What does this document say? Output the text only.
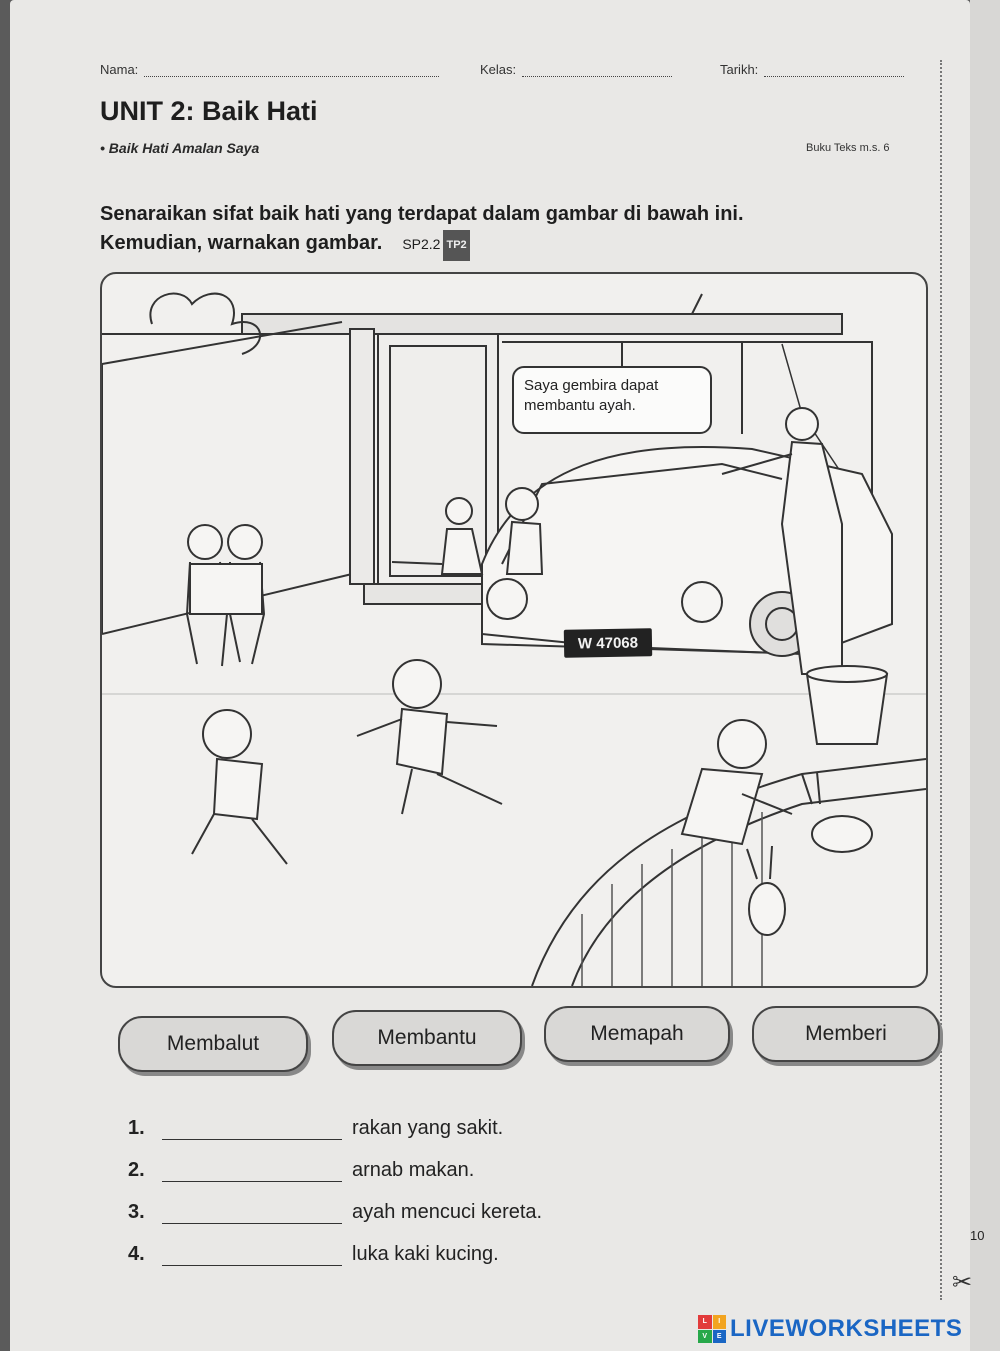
Nama:	Kelas:	Tarikh:
UNIT 2: Baik Hati
• Baik Hati Amalan Saya	Buku Teks m.s. 6
Senaraikan sifat baik hati yang terdapat dalam gambar di bawah ini.
Kemudian, warnakan gambar. SP2.2 TP2
Saya gembira dapat membantu ayah.
W 47068
Membalut	Membantu	Memapah	Memberi
1.	rakan yang sakit.
2.	arnab makan.
3.	ayah mencuci kereta.
4.	luka kaki kucing.
10
✂
L	I
V	E LIVEWORKSHEETS
